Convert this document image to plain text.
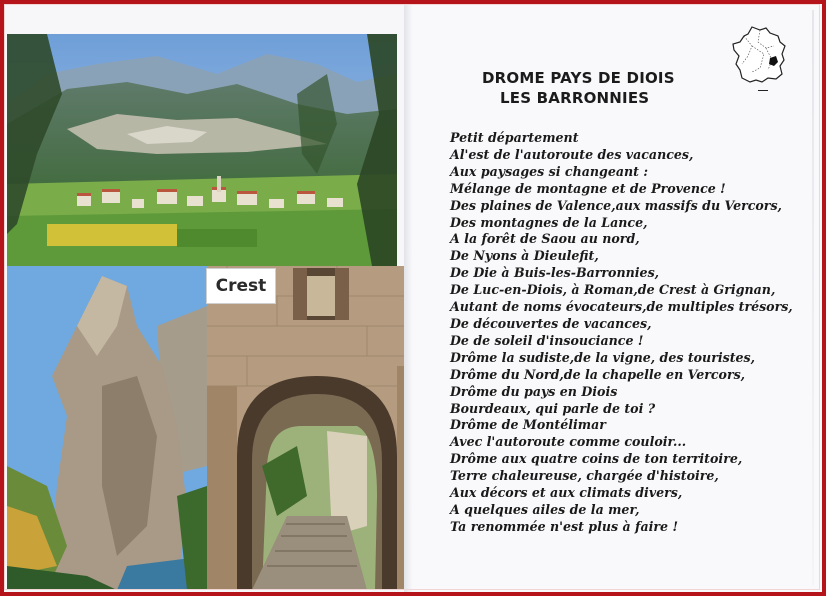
Crest
DROME PAYS DE DIOIS
LES BARRONNIES
Petit département
Al'est de l'autoroute des vacances,
Aux paysages si changeant :
Mélange de montagne et de Provence !
Des plaines de Valence,aux massifs du Vercors,
Des montagnes de la Lance,
A la forêt de Saou au nord,
De Nyons à Dieulefit,
De Die à Buis-les-Barronnies,
De Luc-en-Diois, à Roman,de Crest à Grignan,
Autant de noms évocateurs,de multiples trésors,
De découvertes de vacances,
De de soleil d'insouciance !
Drôme la sudiste,de la vigne, des touristes,
Drôme du Nord,de la chapelle en Vercors,
Drôme du pays en Diois
Bourdeaux, qui parle de toi ?
Drôme de Montélimar
Avec l'autoroute comme couloir...
Drôme aux quatre coins de ton territoire,
Terre chaleureuse, chargée d'histoire,
Aux décors et aux climats divers,
A quelques ailes de la mer,
Ta renommée n'est plus à faire !
